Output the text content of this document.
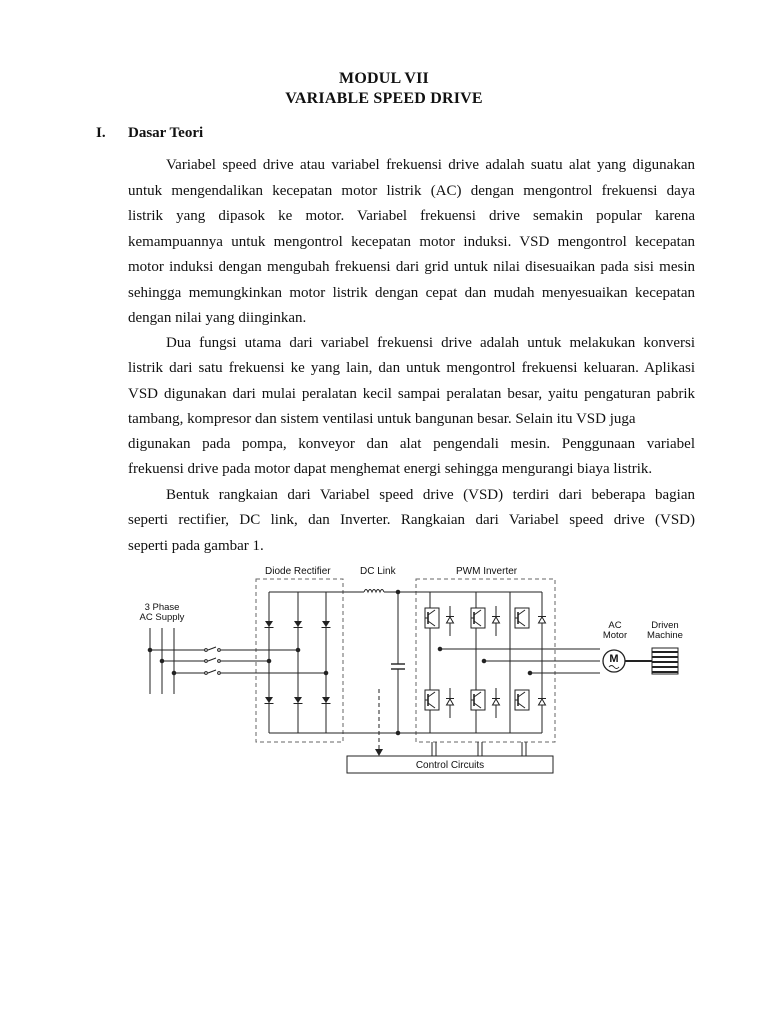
MODUL VII
VARIABLE SPEED DRIVE
I. Dasar Teori
Variabel speed drive atau variabel frekuensi drive adalah suatu alat yang digunakan
untuk mengendalikan kecepatan motor listrik (AC) dengan mengontrol frekuensi daya
listrik yang dipasok ke motor. Variabel frekuensi drive semakin popular karena
kemampuannya untuk mengontrol kecepatan motor induksi. VSD mengontrol kecepatan
motor induksi dengan mengubah frekuensi dari grid untuk nilai disesuaikan pada sisi mesin
sehingga memungkinkan motor listrik dengan cepat dan mudah menyesuaikan kecepatan
dengan nilai yang diinginkan.
Dua fungsi utama dari variabel frekuensi drive adalah untuk melakukan konversi
listrik dari satu frekuensi ke yang lain, dan untuk mengontrol frekuensi keluaran. Aplikasi
VSD digunakan dari mulai peralatan kecil sampai peralatan besar, yaitu pengaturan pabrik
tambang, kompresor dan sistem ventilasi untuk bangunan besar. Selain itu VSD juga
digunakan pada pompa, konveyor dan alat pengendali mesin. Penggunaan variabel
frekuensi drive pada motor dapat menghemat energi sehingga mengurangi biaya listrik.
Bentuk rangkaian dari Variabel speed drive (VSD) terdiri dari beberapa bagian
seperti rectifier, DC link, dan Inverter. Rangkaian dari Variabel speed drive (VSD)
seperti pada gambar 1.
Diode Rectifier	DC Link	PWM Inverter
3 Phase
AC Supply
AC
Motor
Driven
Machine
M
Control Circuits
